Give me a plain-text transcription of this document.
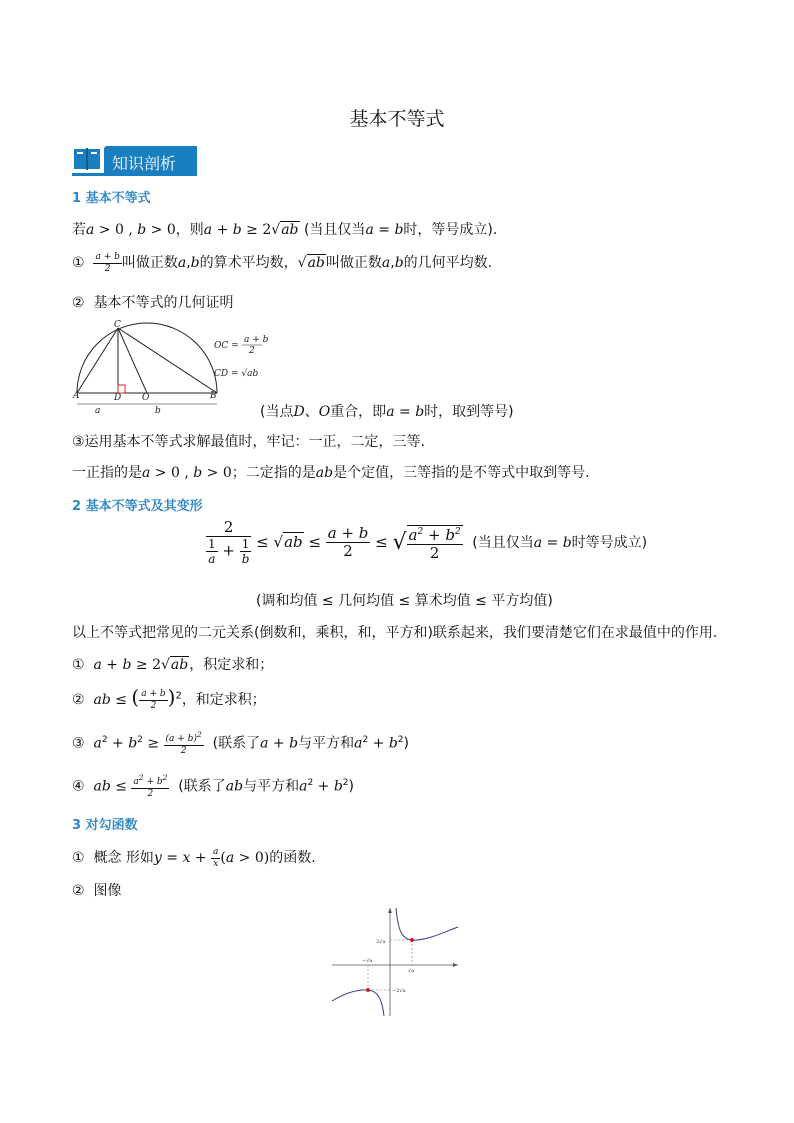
基本不等式
知识剖析
1 基本不等式
若a > 0 , b > 0，则a + b ≥ 2√ab (当且仅当a = b时，等号成立).
① $\frac{a + b}{2}$ 叫做正数a,b的算术平均数，√ab叫做正数a,b的几何平均数.
② 基本不等式的几何证明
C
A	D O	B
a	b
OC =
a + b
2
CD = √ab
(当点D、O重合，即a = b时，取到等号)
③运用基本不等式求解最值时，牢记：一正，二定，三等.
一正指的是a > 0 , b > 0；二定指的是ab是个定值，三等指的是不等式中取到等号.
2 基本不等式及其变形
$\frac{2}{\frac{1}{a} + \frac{1}{b}} \le √ab \le \frac{a + b}{2}$ ≤ √ $\frac{a^2 + b^2}{2}$ (当且仅当a = b时等号成立)
(调和均值 ≤ 几何均值 ≤ 算术均值 ≤ 平方均值)
以上不等式把常见的二元关系(倒数和，乘积，和，平方和)联系起来，我们要清楚它们在求最值中的作用.
① a + b ≥ 2√ab，积定求和；
② ab ≤ ( $\frac{a + b}{2} )^2$，和定求积；
③ $a^2 + b^2 \ge \frac{(a + b)^2}{2}$ (联系了a + b与平方和$a^2 + b^2$)
④ ab ≤ $\frac{a^2 + b^2}{2}$ (联系了ab与平方和$a^2 + b^2$)
3 对勾函数
① 概念 形如$y = x + \frac{a}{x} (a > 0)$的函数.
② 图像
2√a
√a
−√a
−2√a
